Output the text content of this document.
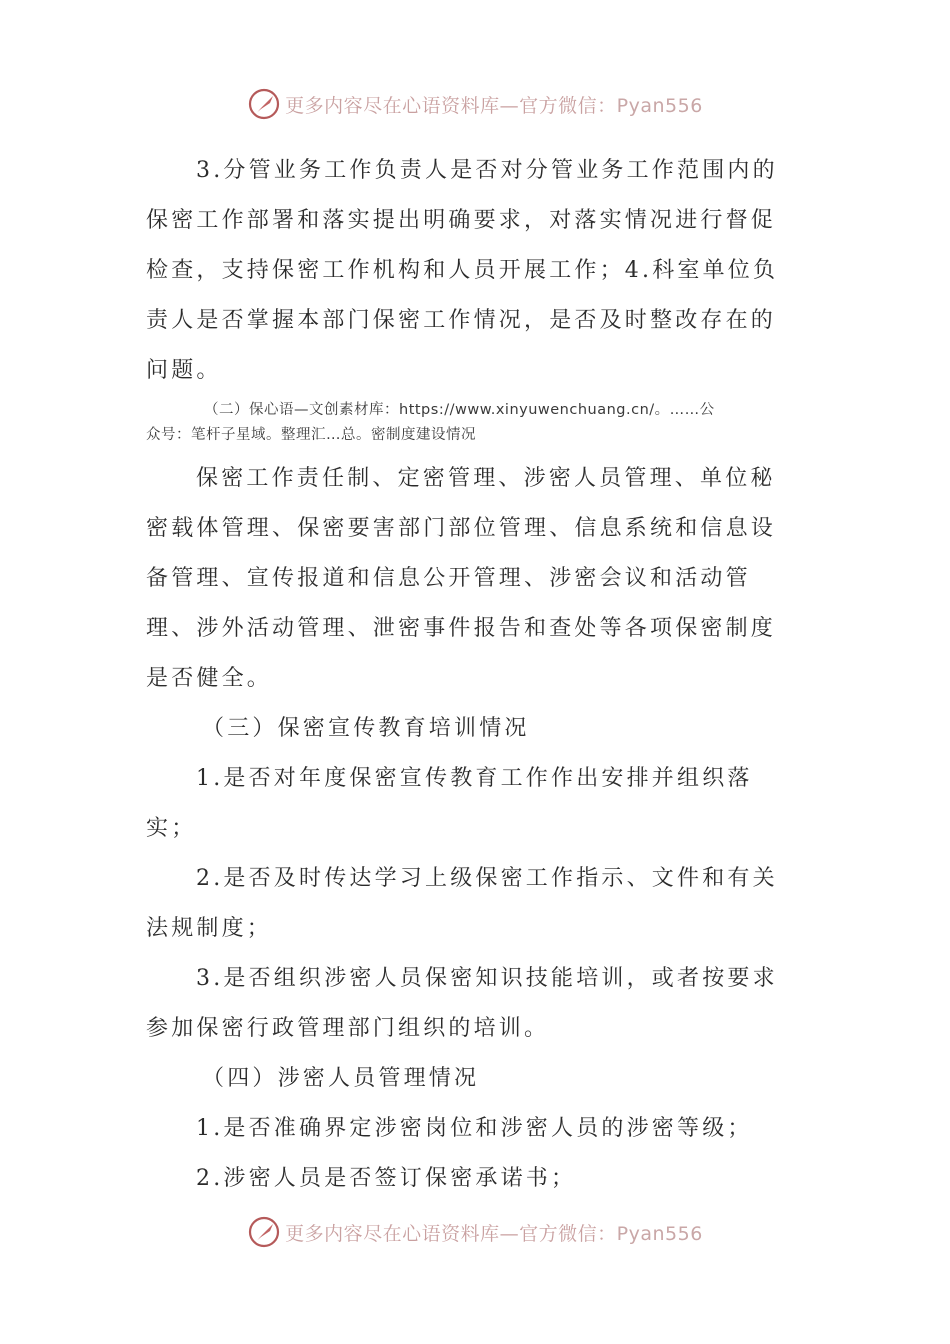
更多内容尽在心语资料库—官方微信：Pyan556

3.分管业务工作负责人是否对分管业务工作范围内的保密工作部署和落实提出明确要求，对落实情况进行督促检查，支持保密工作机构和人员开展工作；4.科室单位负责人是否掌握本部门保密工作情况，是否及时整改存在的问题。

（二）保心语—文创素材库：https://www.xinyuwenchuang.cn/。……公
众号：笔杆子星域。整理汇…总。密制度建设情况

保密工作责任制、定密管理、涉密人员管理、单位秘密载体管理、保密要害部门部位管理、信息系统和信息设备管理、宣传报道和信息公开管理、涉密会议和活动管理、涉外活动管理、泄密事件报告和查处等各项保密制度是否健全。

（三）保密宣传教育培训情况

1.是否对年度保密宣传教育工作作出安排并组织落实；

2.是否及时传达学习上级保密工作指示、文件和有关法规制度；

3.是否组织涉密人员保密知识技能培训，或者按要求参加保密行政管理部门组织的培训。

（四）涉密人员管理情况

1.是否准确界定涉密岗位和涉密人员的涉密等级；

2.涉密人员是否签订保密承诺书；

更多内容尽在心语资料库—官方微信：Pyan556
